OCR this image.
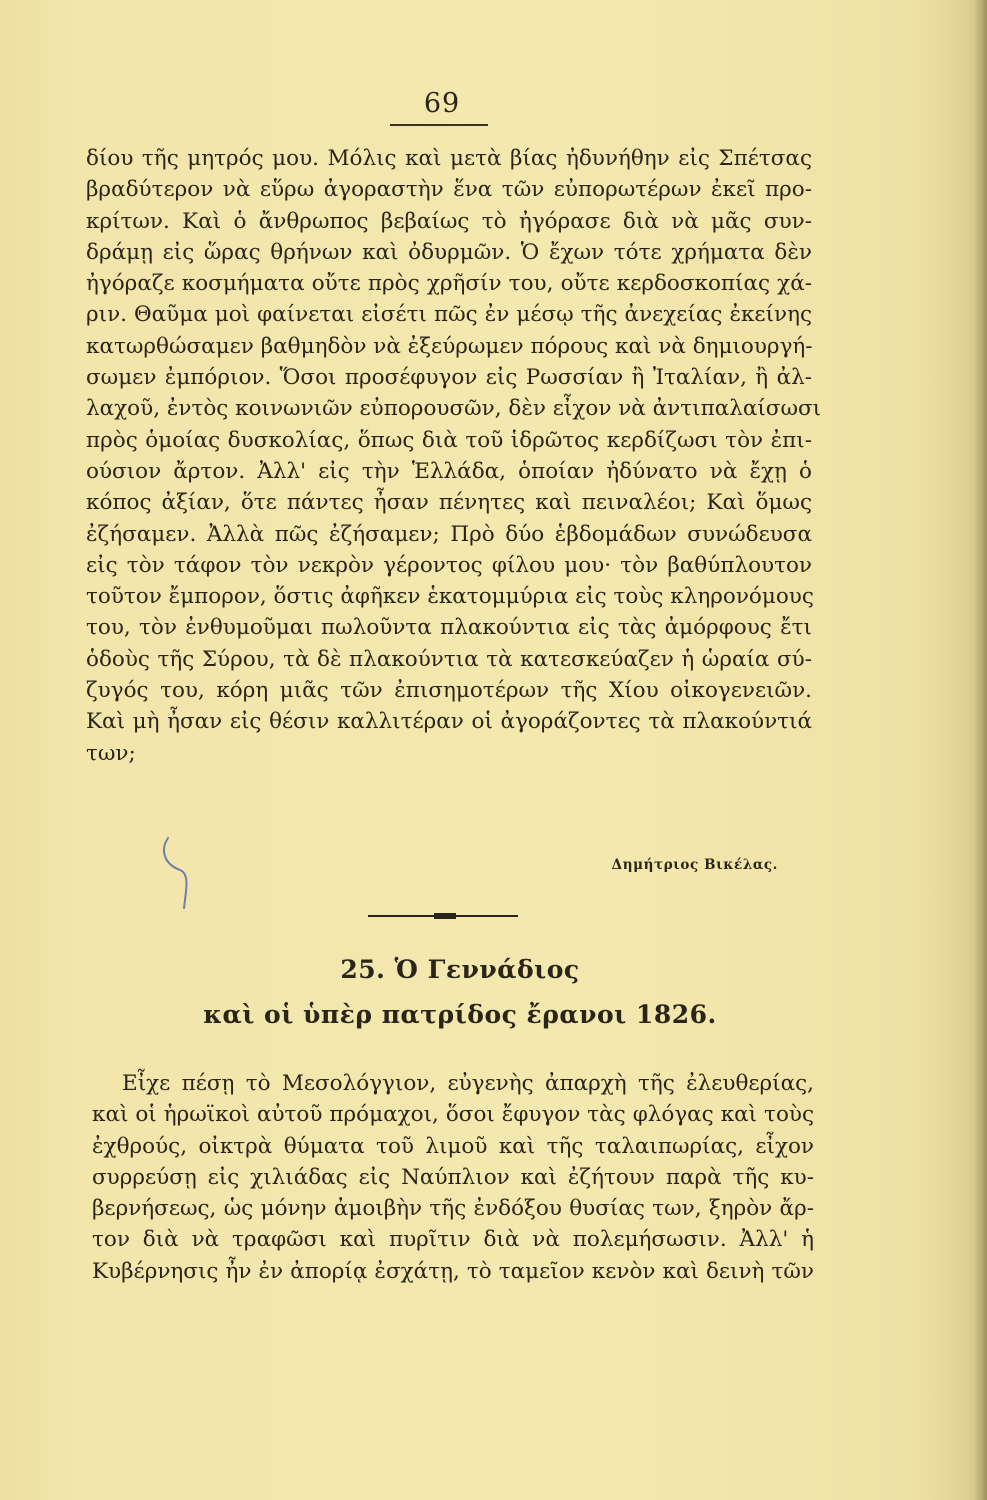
69
δίου τῆς μητρός μου. Μόλις καὶ μετὰ βίας ἠδυνήθην εἰς Σπέτσας
βραδύτερον νὰ εὕρω ἀγοραστὴν ἕνα τῶν εὐπορωτέρων ἐκεῖ προ-
κρίτων. Καὶ ὁ ἄνθρωπος βεβαίως τὸ ἠγόρασε διὰ νὰ μᾶς συν-
δράμῃ εἰς ὥρας θρήνων καὶ ὀδυρμῶν. Ὁ ἔχων τότε χρήματα δὲν
ἠγόραζε κοσμήματα οὔτε πρὸς χρῆσίν του, οὔτε κερδοσκοπίας χά-
ριν. Θαῦμα μοὶ φαίνεται εἰσέτι πῶς ἐν μέσῳ τῆς ἀνεχείας ἐκείνης
κατωρθώσαμεν βαθμηδὸν νὰ ἐξεύρωμεν πόρους καὶ νὰ δημιουργή-
σωμεν ἐμπόριον. Ὅσοι προσέφυγον εἰς Ρωσσίαν ἢ Ἰταλίαν, ἢ ἀλ-
λαχοῦ, ἐντὸς κοινωνιῶν εὐπορουσῶν, δὲν εἶχον νὰ ἀντιπαλαίσωσι
πρὸς ὁμοίας δυσκολίας, ὅπως διὰ τοῦ ἱδρῶτος κερδίζωσι τὸν ἐπι-
ούσιον ἄρτον. Ἀλλ' εἰς τὴν Ἑλλάδα, ὁποίαν ἠδύνατο νὰ ἔχῃ ὁ
κόπος ἀξίαν, ὅτε πάντες ἦσαν πένητες καὶ πειναλέοι; Καὶ ὅμως
ἐζήσαμεν. Ἀλλὰ πῶς ἐζήσαμεν; Πρὸ δύο ἑβδομάδων συνώδευσα
εἰς τὸν τάφον τὸν νεκρὸν γέροντος φίλου μου· τὸν βαθύπλουτον
τοῦτον ἔμπορον, ὅστις ἀφῆκεν ἑκατομμύρια εἰς τοὺς κληρονόμους
του, τὸν ἐνθυμοῦμαι πωλοῦντα πλακούντια εἰς τὰς ἀμόρφους ἔτι
ὁδοὺς τῆς Σύρου, τὰ δὲ πλακούντια τὰ κατεσκεύαζεν ἡ ὡραία σύ-
ζυγός του, κόρη μιᾶς τῶν ἐπισημοτέρων τῆς Χίου οἰκογενειῶν.
Καὶ μὴ ἦσαν εἰς θέσιν καλλιτέραν οἱ ἀγοράζοντες τὰ πλακούντιά
των;
Δημήτριος Βικέλας.
25. Ὁ Γεννάδιος
καὶ οἱ ὑπὲρ πατρίδος ἔρανοι 1826.
Εἶχε πέσῃ τὸ Μεσολόγγιον, εὐγενὴς ἀπαρχὴ τῆς ἐλευθερίας,
καὶ οἱ ἡρωϊκοὶ αὐτοῦ πρόμαχοι, ὅσοι ἔφυγον τὰς φλόγας καὶ τοὺς
ἐχθρούς, οἰκτρὰ θύματα τοῦ λιμοῦ καὶ τῆς ταλαιπωρίας, εἶχον
συρρεύσῃ εἰς χιλιάδας εἰς Ναύπλιον καὶ ἐζήτουν παρὰ τῆς κυ-
βερνήσεως, ὡς μόνην ἀμοιβὴν τῆς ἐνδόξου θυσίας των, ξηρὸν ἄρ-
τον διὰ νὰ τραφῶσι καὶ πυρῖτιν διὰ νὰ πολεμήσωσιν. Ἀλλ' ἡ
Κυβέρνησις ἦν ἐν ἀπορίᾳ ἐσχάτῃ, τὸ ταμεῖον κενὸν καὶ δεινὴ τῶν
